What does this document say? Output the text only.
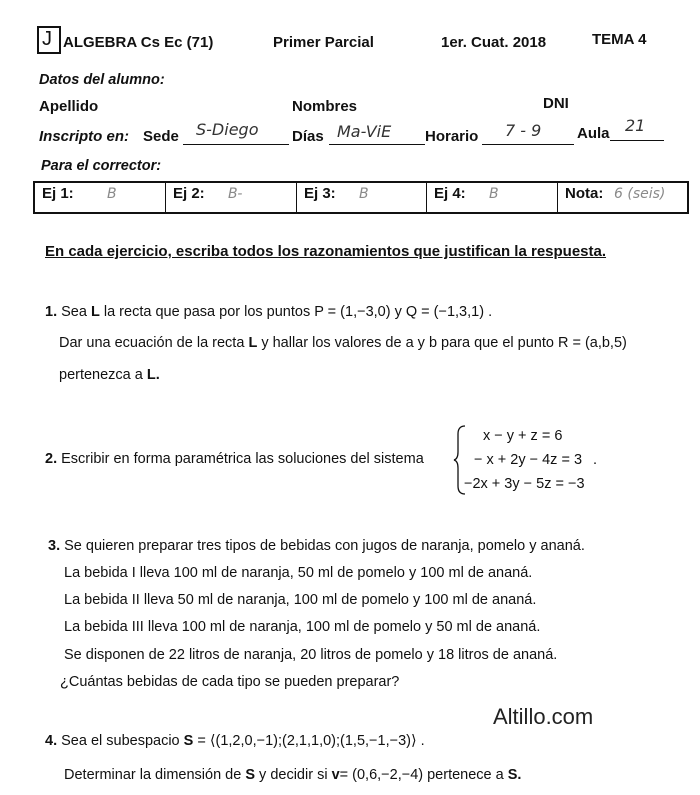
J ALGEBRA Cs Ec (71)	Primer Parcial	1er. Cuat. 2018	TEMA 4
Datos del alumno:
Apellido	Nombres	DNI
Inscripto en: Sede S-Diego Días Ma-ViE Horario 7 - 9 Aula 21
Para el corrector:
Ej 1: B	Ej 2: B-	Ej 3: B	Ej 4: B	Nota: 6 (seis)
En cada ejercicio, escriba todos los razonamientos que justifican la respuesta.
1. Sea L la recta que pasa por los puntos P = (1,−3,0) y Q = (−1,3,1) .
Dar una ecuación de la recta L y hallar los valores de a y b para que el punto R = (a,b,5)
pertenezca a L.
2. Escribir en forma paramétrica las soluciones del sistema
x − y + z = 6
− x + 2y − 4z = 3
−2x + 3y − 5z = −3
.
3. Se quieren preparar tres tipos de bebidas con jugos de naranja, pomelo y ananá.
La bebida I lleva 100 ml de naranja, 50 ml de pomelo y 100 ml de ananá.
La bebida II lleva 50 ml de naranja, 100 ml de pomelo y 100 ml de ananá.
La bebida III lleva 100 ml de naranja, 100 ml de pomelo y 50 ml de ananá.
Se disponen de 22 litros de naranja, 20 litros de pomelo y 18 litros de ananá.
¿Cuántas bebidas de cada tipo se pueden preparar?
Altillo.com
4. Sea el subespacio S = ⟨(1,2,0,−1);(2,1,1,0);(1,5,−1,−3)⟩ .
Determinar la dimensión de S y decidir si v= (0,6,−2,−4) pertenece a S.
